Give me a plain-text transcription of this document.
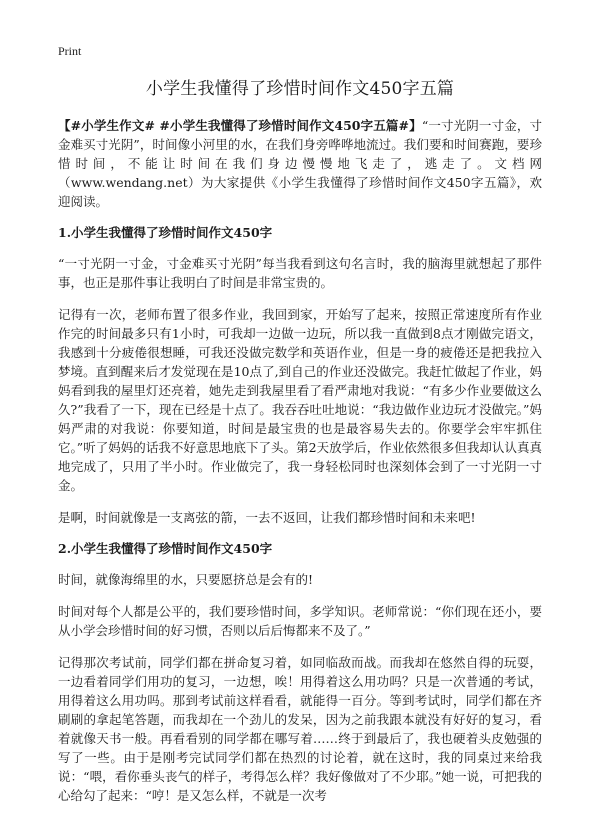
Print
小学生我懂得了珍惜时间作文450字五篇

【#小学生作文# #小学生我懂得了珍惜时间作文450字五篇#】“一寸光阴一寸金，寸金难买寸光阴”，时间像小河里的水，在我们身旁哗哗地流过。我们要和时间赛跑，要珍惜时间，不能让时间在我们身边慢慢地飞走了，逃走了。文档网（www.wendang.net）为大家提供《小学生我懂得了珍惜时间作文450字五篇》，欢迎阅读。

1.小学生我懂得了珍惜时间作文450字

“一寸光阴一寸金，寸金难买寸光阴”每当我看到这句名言时，我的脑海里就想起了那件事，也正是那件事让我明白了时间是非常宝贵的。

记得有一次，老师布置了很多作业，我回到家，开始写了起来，按照正常速度所有作业作完的时间最多只有1小时，可我却一边做一边玩，所以我一直做到8点才刚做完语文，我感到十分疲倦很想睡，可我还没做完数学和英语作业，但是一身的疲倦还是把我拉入梦境。直到醒来后才发觉现在是10点了,到自己的作业还没做完。我赶忙做起了作业，妈妈看到我的屋里灯还亮着，她先走到我屋里看了看严肃地对我说：“有多少作业要做这么久?”我看了一下，现在已经是十点了。我吞吞吐吐地说：“我边做作业边玩才没做完。”妈妈严肃的对我说：你要知道，时间是最宝贵的也是最容易失去的。你要学会牢牢抓住它。”听了妈妈的话我不好意思地底下了头。第2天放学后，作业依然很多但我却认认真真地完成了，只用了半小时。作业做完了，我一身轻松同时也深刻体会到了一寸光阴一寸金。

是啊，时间就像是一支离弦的箭，一去不返回，让我们都珍惜时间和未来吧!

2.小学生我懂得了珍惜时间作文450字

时间，就像海绵里的水，只要愿挤总是会有的!

时间对每个人都是公平的，我们要珍惜时间，多学知识。老师常说：“你们现在还小，要从小学会珍惜时间的好习惯，否则以后后悔都来不及了。”

记得那次考试前，同学们都在拼命复习着，如同临敌而战。而我却在悠然自得的玩耍，一边看着同学们用功的复习，一边想，唉！用得着这么用功吗？只是一次普通的考试，用得着这么用功吗。那到考试前这样看看，就能得一百分。等到考试时，同学们都在齐刷刷的拿起笔答题，而我却在一个劲儿的发呆，因为之前我跟本就没有好好的复习，看着就像天书一般。再看看别的同学都在哪写着……终于到最后了，我也硬着头皮勉强的写了一些。由于是刚考完试同学们都在热烈的讨论着，就在这时，我的同桌过来给我说：“喂，看你垂头丧气的样子，考得怎么样？我好像做对了不少耶。”她一说，可把我的心给勾了起来：“哼！是又怎么样，不就是一次考
